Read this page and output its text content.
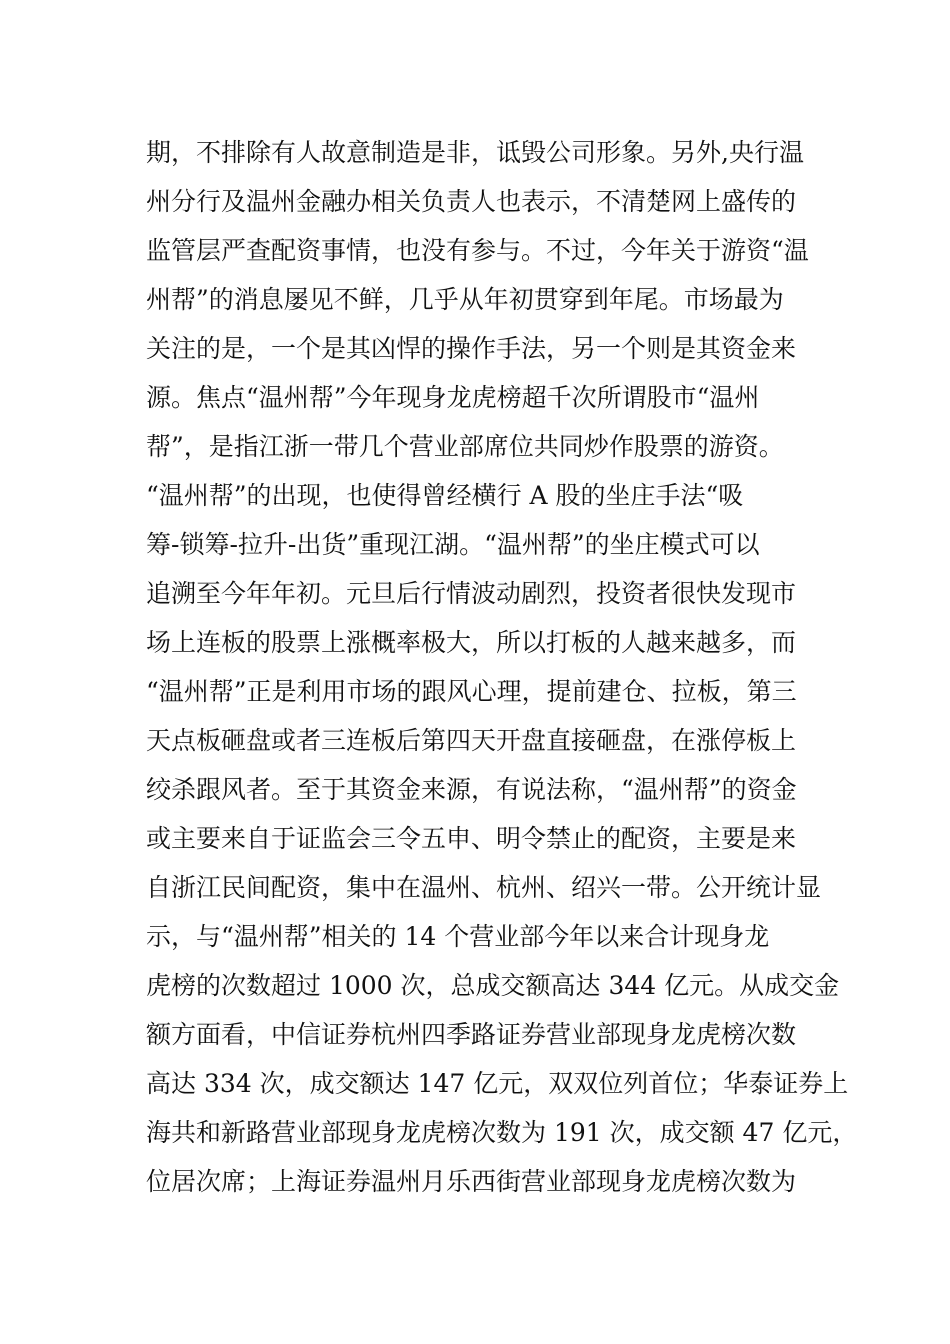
期，不排除有人故意制造是非，诋毁公司形象。另外,央行温
州分行及温州金融办相关负责人也表示，不清楚网上盛传的
监管层严查配资事情，也没有参与。不过，今年关于游资“温
州帮”的消息屡见不鲜，几乎从年初贯穿到年尾。市场最为
关注的是，一个是其凶悍的操作手法，另一个则是其资金来
源。焦点“温州帮”今年现身龙虎榜超千次所谓股市“温州
帮”，是指江浙一带几个营业部席位共同炒作股票的游资。
“温州帮”的出现，也使得曾经横行 A 股的坐庄手法“吸
筹-锁筹-拉升-出货”重现江湖。“温州帮”的坐庄模式可以
追溯至今年年初。元旦后行情波动剧烈，投资者很快发现市
场上连板的股票上涨概率极大，所以打板的人越来越多，而
“温州帮”正是利用市场的跟风心理，提前建仓、拉板，第三
天点板砸盘或者三连板后第四天开盘直接砸盘，在涨停板上
绞杀跟风者。至于其资金来源，有说法称，“温州帮”的资金
或主要来自于证监会三令五申、明令禁止的配资，主要是来
自浙江民间配资，集中在温州、杭州、绍兴一带。公开统计显
示，与“温州帮”相关的 14 个营业部今年以来合计现身龙
虎榜的次数超过 1000 次，总成交额高达 344 亿元。从成交金
额方面看，中信证券杭州四季路证券营业部现身龙虎榜次数
高达 334 次，成交额达 147 亿元，双双位列首位；华泰证券上
海共和新路营业部现身龙虎榜次数为 191 次，成交额 47 亿元，
位居次席；上海证券温州月乐西街营业部现身龙虎榜次数为
